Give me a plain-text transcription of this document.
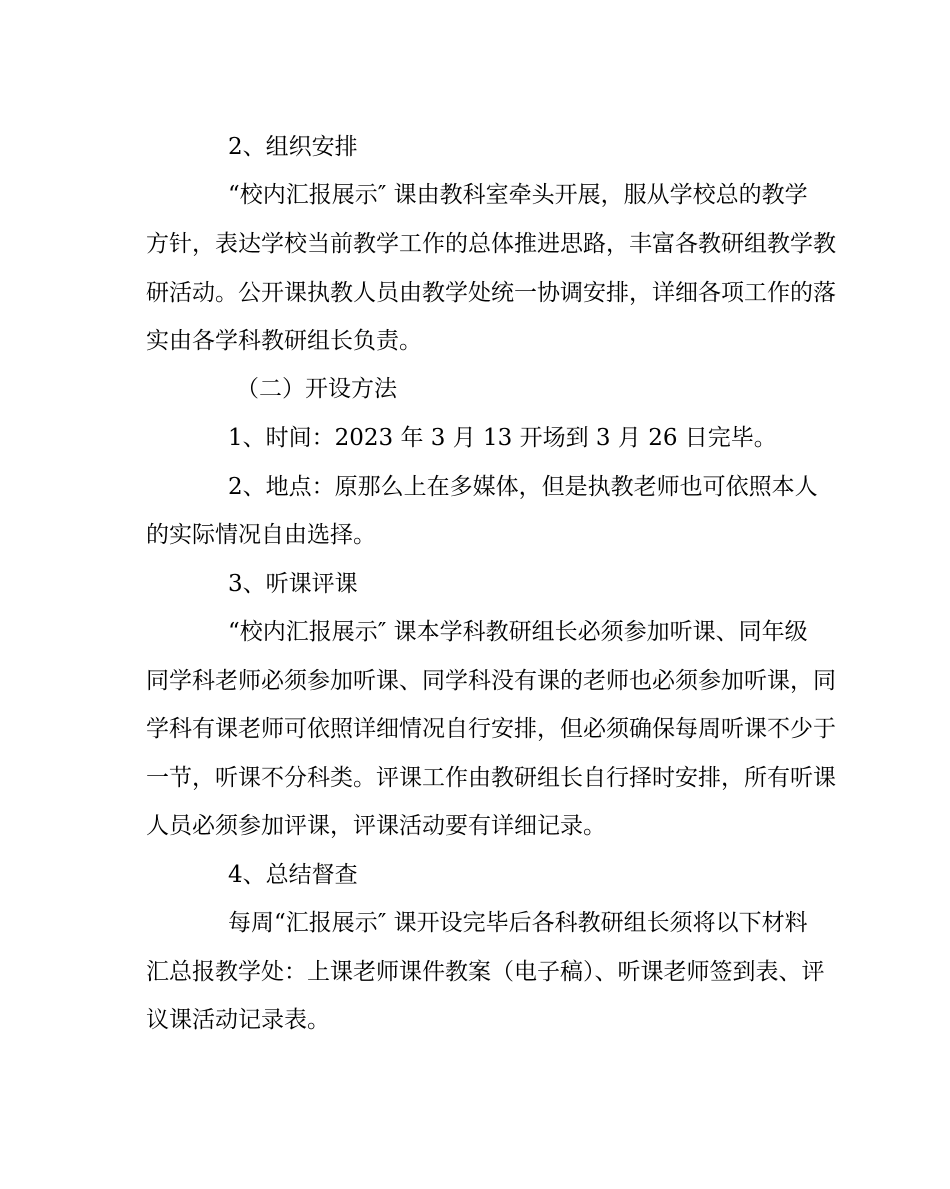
2、组织安排
“校内汇报展示″ 课由教科室牵头开展，服从学校总的教学
方针，表达学校当前教学工作的总体推进思路，丰富各教研组教学教
研活动。公开课执教人员由教学处统一协调安排，详细各项工作的落
实由各学科教研组长负责。
（二）开设方法
1、时间：2023 年 3 月 13 开场到 3 月 26 日完毕。
2、地点：原那么上在多媒体，但是执教老师也可依照本人
的实际情况自由选择。
3、听课评课
“校内汇报展示″ 课本学科教研组长必须参加听课、同年级
同学科老师必须参加听课、同学科没有课的老师也必须参加听课，同
学科有课老师可依照详细情况自行安排，但必须确保每周听课不少于
一节，听课不分科类。评课工作由教研组长自行择时安排，所有听课
人员必须参加评课，评课活动要有详细记录。
4、总结督查
每周“汇报展示″ 课开设完毕后各科教研组长须将以下材料
汇总报教学处：上课老师课件教案（电子稿）、听课老师签到表、评
议课活动记录表。
